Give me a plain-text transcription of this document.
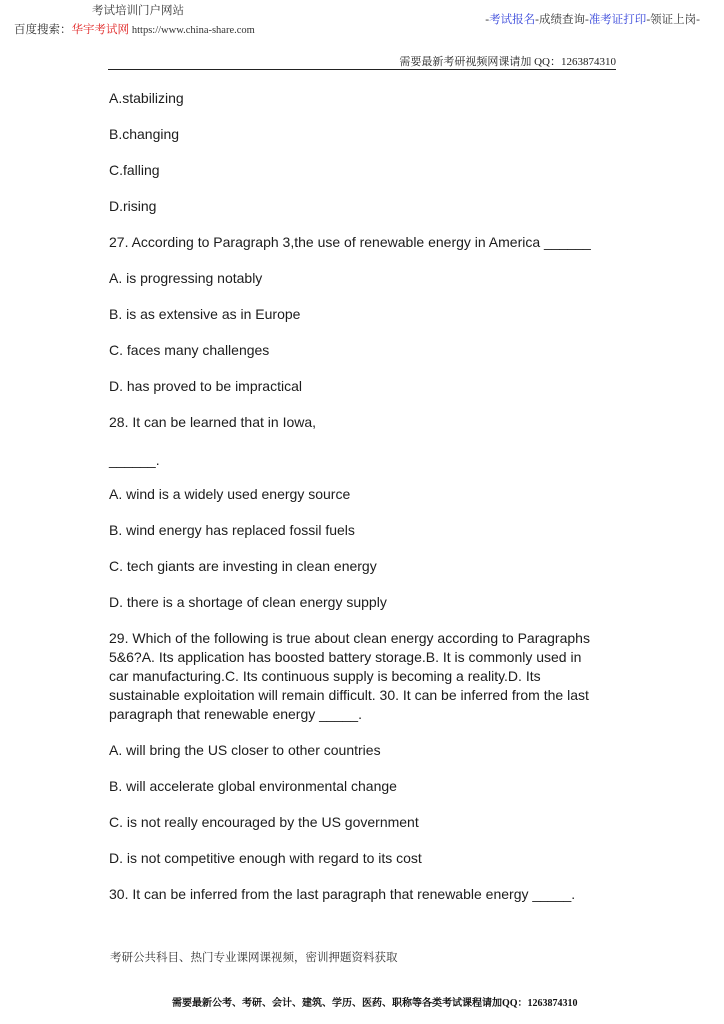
考试培训门户网站
百度搜索：华宇考试网 https://www.china-share.com
-考试报名-成绩查询-准考证打印-领证上岗-
需要最新考研视频网课请加 QQ：1263874310
A.stabilizing
B.changing
C.falling
D.rising
27. According to Paragraph 3,the use of renewable energy in America ______
A. is progressing notably
B. is as extensive as in Europe
C. faces many challenges
D. has proved to be impractical
28. It can be learned that in Iowa,
______.
A. wind is a widely used energy source
B. wind energy has replaced fossil fuels
C. tech giants are investing in clean energy
D. there is a shortage of clean energy supply
29. Which of the following is true about clean energy according to Paragraphs
5&6?A. Its application has boosted battery storage.B. It is commonly used in
car manufacturing.C. Its continuous supply is becoming a reality.D. Its
sustainable exploitation will remain difficult. 30. It can be inferred from the last
paragraph that renewable energy _____.
A. will bring the US closer to other countries
B. will accelerate global environmental change
C. is not really encouraged by the US government
D. is not competitive enough with regard to its cost
30. It can be inferred from the last paragraph that renewable energy _____.
考研公共科目、热门专业课网课视频，密训押题资料获取
需要最新公考、考研、会计、建筑、学历、医药、职称等各类考试课程请加QQ：1263874310
